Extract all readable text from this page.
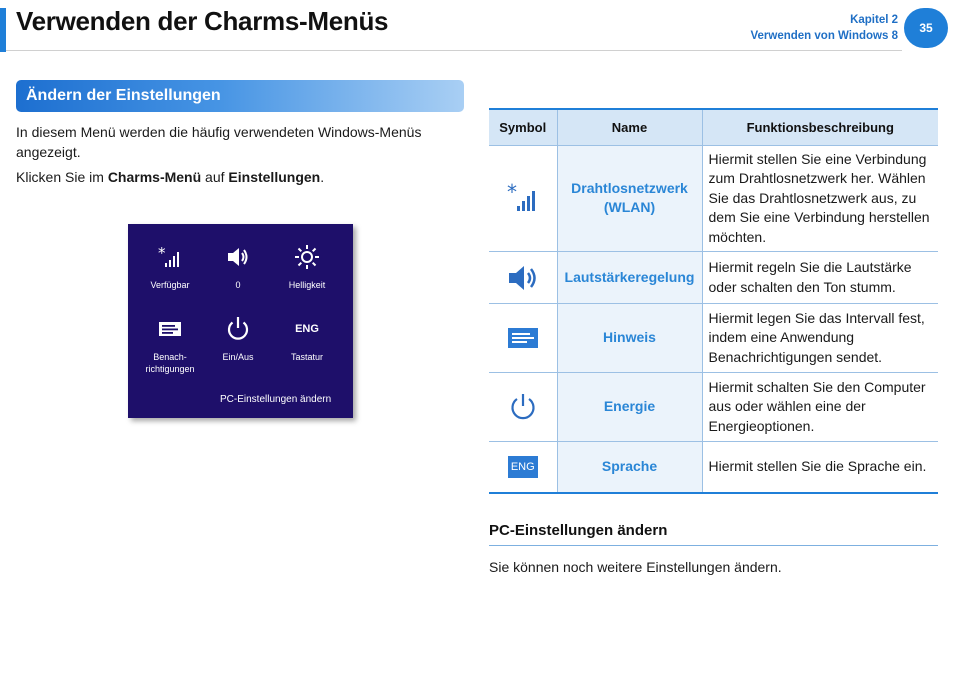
Verwenden der Charms-Menüs	Kapitel 2
Verwenden von Windows 8
35
Ändern der Einstellungen

In diesem Menü werden die häufig verwendeten Windows-Menüs angezeigt.

Klicken Sie im Charms-Menü auf Einstellungen.

*
Verfügbar	0	Helligkeit
Benach-
richtigungen
Ein/Aus
ENG
Tastatur
PC-Einstellungen ändern
Symbol	Name	Funktionsbeschreibung

*	Drahtlosnetzwerk (WLAN)	Hiermit stellen Sie eine Verbindung zum Drahtlosnetzwerk her. Wählen Sie das Drahtlosnetzwerk aus, zu dem Sie eine Verbindung herstellen möchten.

	Lautstärkeregelung	Hiermit regeln Sie die Lautstärke oder schalten den Ton stumm.

	Hinweis	Hiermit legen Sie das Intervall fest, indem eine Anwendung Benachrichtigungen sendet.

	Energie	Hiermit schalten Sie den Computer aus oder wählen eine der Energieoptionen.

ENG	Sprache	Hiermit stellen Sie die Sprache ein.
PC-Einstellungen ändern

Sie können noch weitere Einstellungen ändern.
